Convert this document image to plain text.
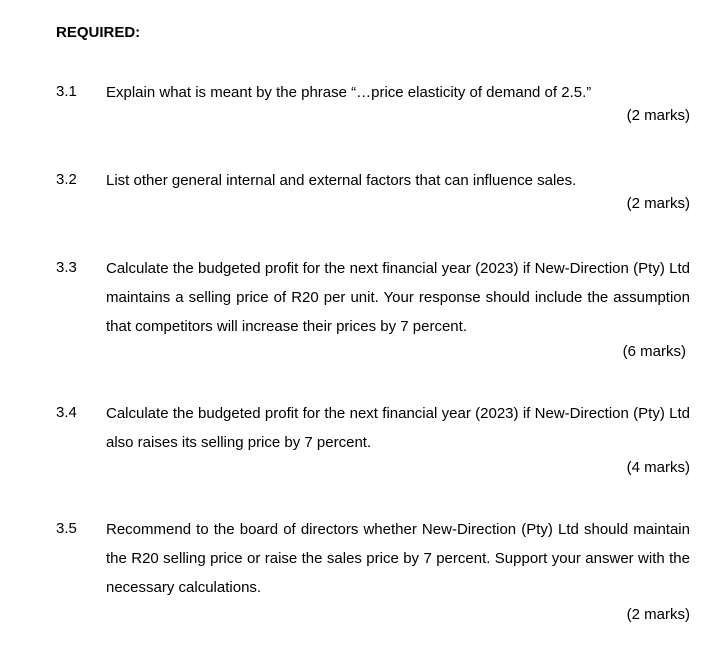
REQUIRED:
3.1	Explain what is meant by the phrase “…price elasticity of demand of 2.5.”
(2 marks)
3.2	List other general internal and external factors that can influence sales.
(2 marks)
3.3	Calculate the budgeted profit for the next financial year (2023) if New-Direction (Pty) Ltd maintains a selling price of R20 per unit. Your response should include the assumption that competitors will increase their prices by 7 percent.
(6 marks)
3.4	Calculate the budgeted profit for the next financial year (2023) if New-Direction (Pty) Ltd also raises its selling price by 7 percent.
(4 marks)
3.5	Recommend to the board of directors whether New-Direction (Pty) Ltd should maintain the R20 selling price or raise the sales price by 7 percent. Support your answer with the necessary calculations.
(2 marks)
